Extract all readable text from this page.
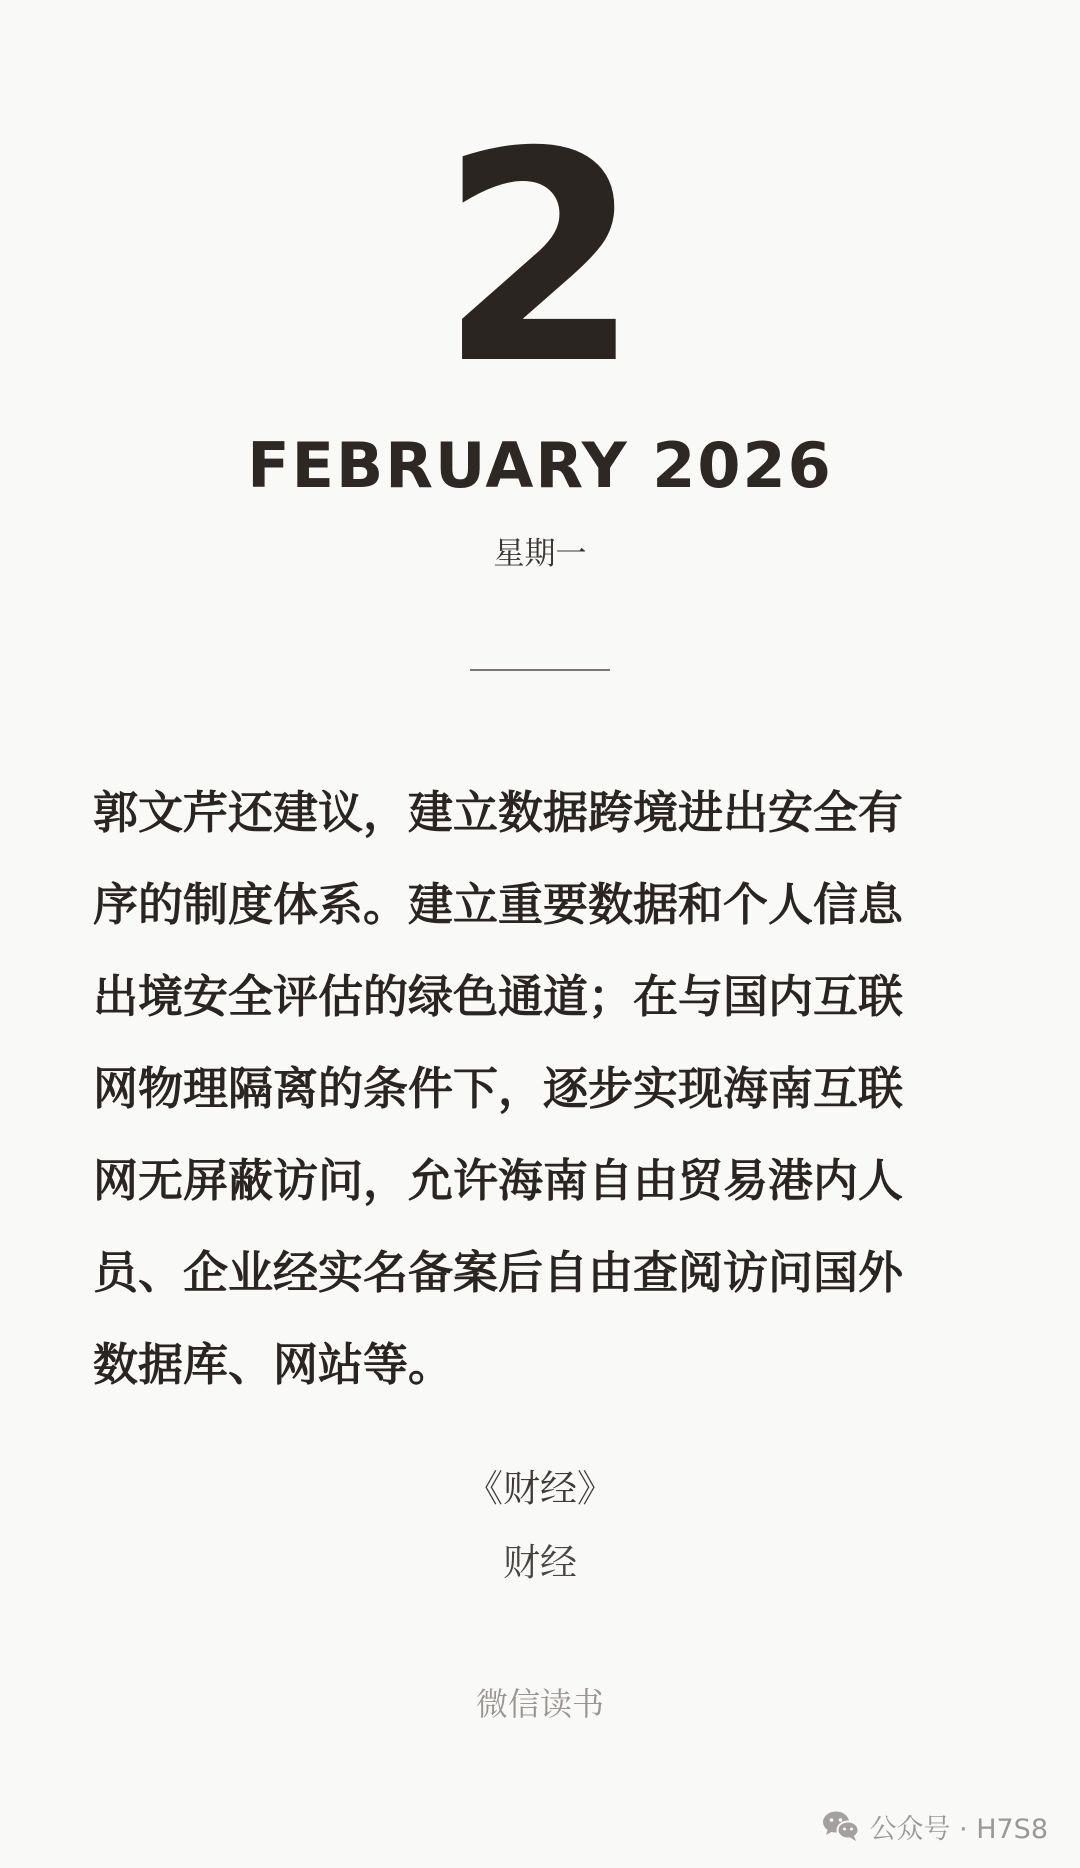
2
FEBRUARY 2026
星期一
郭文芹还建议，建立数据跨境进出安全有
序的制度体系。建立重要数据和个人信息
出境安全评估的绿色通道；在与国内互联
网物理隔离的条件下，逐步实现海南互联
网无屏蔽访问，允许海南自由贸易港内人
员、企业经实名备案后自由查阅访问国外
数据库、网站等。
《财经》
财经
微信读书
公众号 · H7S8
